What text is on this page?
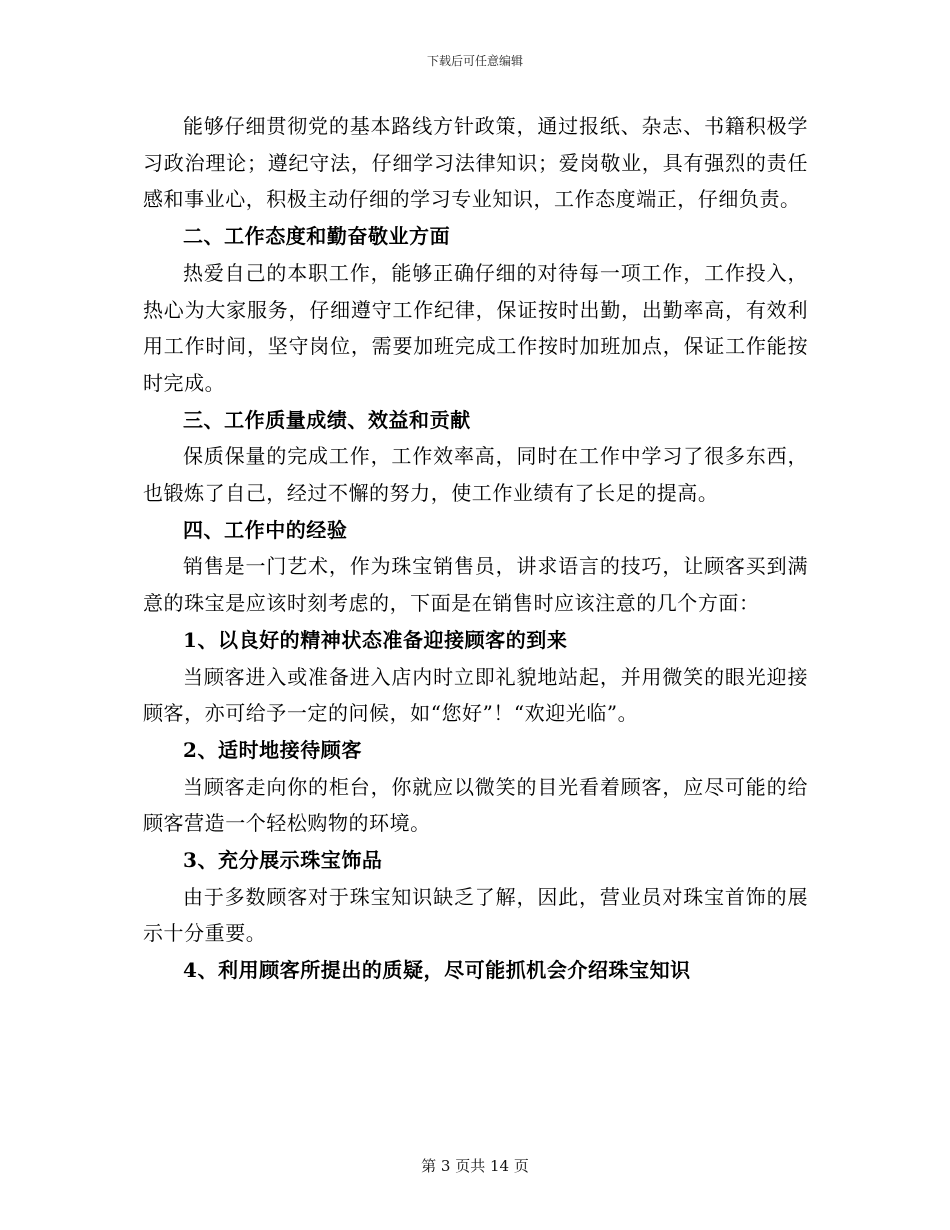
下载后可任意编辑

能够仔细贯彻党的基本路线方针政策，通过报纸、杂志、书籍积极学习政治理论；遵纪守法，仔细学习法律知识；爱岗敬业，具有强烈的责任感和事业心，积极主动仔细的学习专业知识，工作态度端正，仔细负责。

二、工作态度和勤奋敬业方面

热爱自己的本职工作，能够正确仔细的对待每一项工作，工作投入，热心为大家服务，仔细遵守工作纪律，保证按时出勤，出勤率高，有效利用工作时间，坚守岗位，需要加班完成工作按时加班加点，保证工作能按时完成。

三、工作质量成绩、效益和贡献

保质保量的完成工作，工作效率高，同时在工作中学习了很多东西，也锻炼了自己，经过不懈的努力，使工作业绩有了长足的提高。

四、工作中的经验

销售是一门艺术，作为珠宝销售员，讲求语言的技巧，让顾客买到满意的珠宝是应该时刻考虑的，下面是在销售时应该注意的几个方面：

1、以良好的精神状态准备迎接顾客的到来

当顾客进入或准备进入店内时立即礼貌地站起，并用微笑的眼光迎接顾客，亦可给予一定的问候，如“您好”！“欢迎光临”。

2、适时地接待顾客

当顾客走向你的柜台，你就应以微笑的目光看着顾客，应尽可能的给顾客营造一个轻松购物的环境。

3、充分展示珠宝饰品

由于多数顾客对于珠宝知识缺乏了解，因此，营业员对珠宝首饰的展示十分重要。

4、利用顾客所提出的质疑，尽可能抓机会介绍珠宝知识

第 3 页共 14 页
